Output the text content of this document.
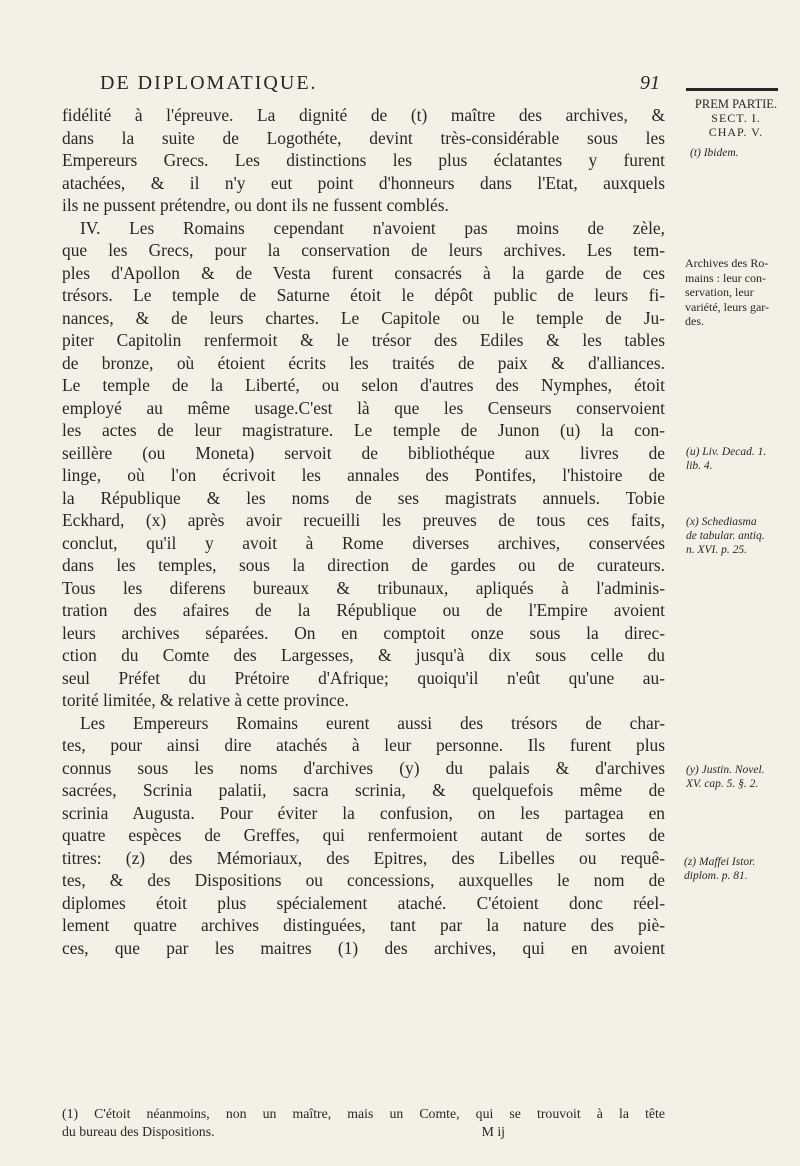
DE DIPLOMATIQUE.	91

fidélité à l'épreuve. La dignité de (t) maître des archives, &

dans la suite de Logothéte, devint très-considérable sous les

Empereurs Grecs. Les distinctions les plus éclatantes y furent

atachées, & il n'y eut point d'honneurs dans l'Etat, auxquels

ils ne pussent prétendre, ou dont ils ne fussent comblés.

IV. Les Romains cependant n'avoient pas moins de zèle,

que les Grecs, pour la conservation de leurs archives. Les tem-

ples d'Apollon & de Vesta furent consacrés à la garde de ces

trésors. Le temple de Saturne étoit le dépôt public de leurs fi-

nances, & de leurs chartes. Le Capitole ou le temple de Ju-

piter Capitolin renfermoit & le trésor des Ediles & les tables

de bronze, où étoient écrits les traités de paix & d'alliances.

Le temple de la Liberté, ou selon d'autres des Nymphes, étoit

employé au même usage.C'est là que les Censeurs conservoient

les actes de leur magistrature. Le temple de Junon (u) la con-

seillère (ou Moneta) servoit de bibliothéque aux livres de

linge, où l'on écrivoit les annales des Pontifes, l'histoire de

la République & les noms de ses magistrats annuels. Tobie

Eckhard, (x) après avoir recueilli les preuves de tous ces faits,

conclut, qu'il y avoit à Rome diverses archives, conservées

dans les temples, sous la direction de gardes ou de curateurs.

Tous les diferens bureaux & tribunaux, apliqués à l'adminis-

tration des afaires de la République ou de l'Empire avoient

leurs archives séparées. On en comptoit onze sous la direc-

ction du Comte des Largesses, & jusqu'à dix sous celle du

seul Préfet du Prétoire d'Afrique; quoiqu'il n'eût qu'une au-

torité limitée, & relative à cette province.

Les Empereurs Romains eurent aussi des trésors de char-

tes, pour ainsi dire atachés à leur personne. Ils furent plus

connus sous les noms d'archives (y) du palais & d'archives

sacrées, Scrinia palatii, sacra scrinia, & quelquefois même de

scrinia Augusta. Pour éviter la confusion, on les partagea en

quatre espèces de Greffes, qui renfermoient autant de sortes de

titres: (z) des Mémoriaux, des Epitres, des Libelles ou requê-

tes, & des Dispositions ou concessions, auxquelles le nom de

diplomes étoit plus spécialement ataché. C'étoient donc réel-

lement quatre archives distinguées, tant par la nature des piè-

ces, que par les maitres (1) des archives, qui en avoient

(1) C'étoit néanmoins, non un maître, mais un Comte, qui se trouvoit à la tête

du bureau des Dispositions.	M ij

PREM PARTIE.

SECT. I.

CHAP. V.

(t) Ibidem.

Archives des Ro-

mains : leur con-

servation, leur

variété, leurs gar-

des.

(u) Liv. Decad. 1.

lib. 4.

(x) Schediasma

de tabular. antiq.

n. XVI. p. 25.

(y) Justin. Novel.

XV. cap. 5. §. 2.

(z) Maffei Istor.

diplom. p. 81.
